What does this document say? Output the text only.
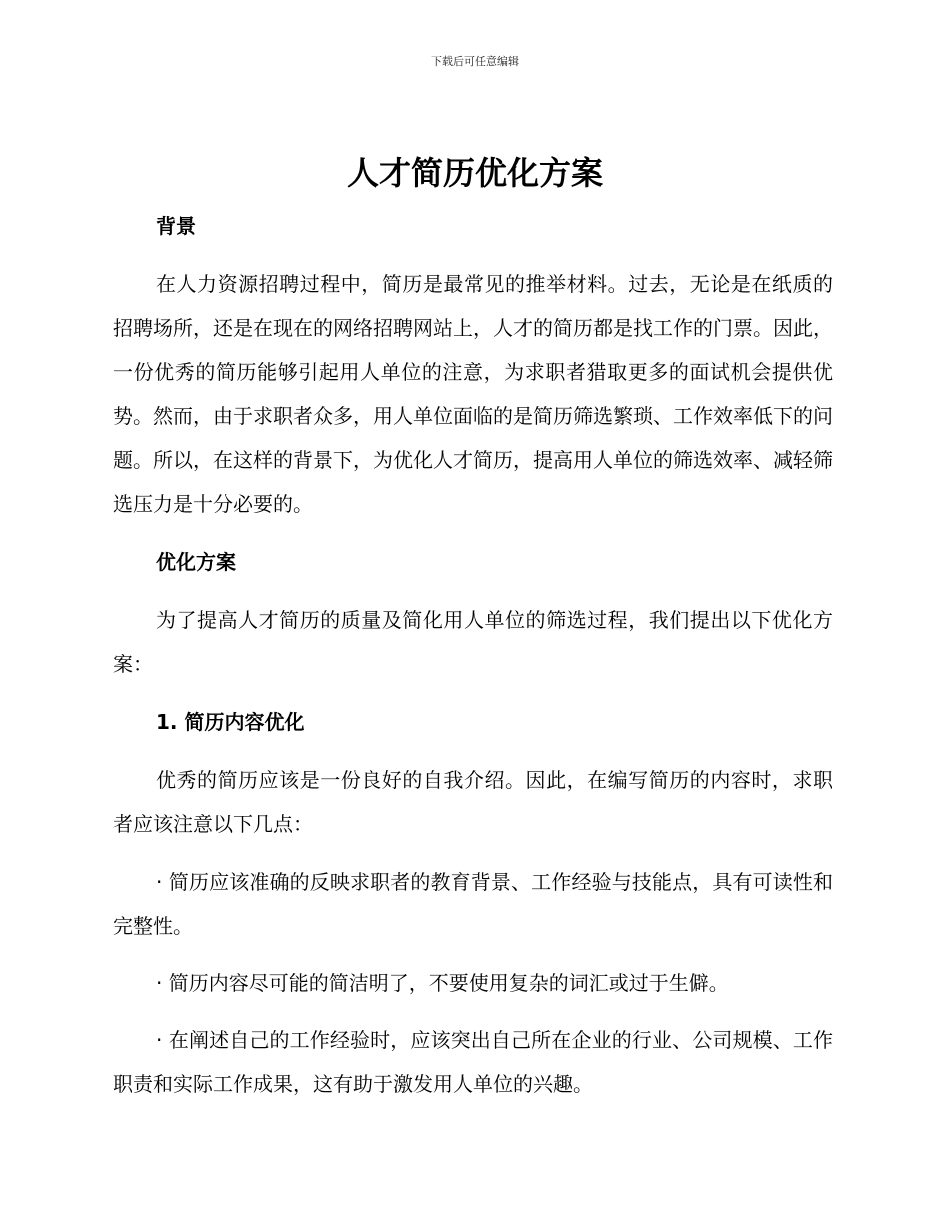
下载后可任意编辑
人才简历优化方案

背景

在人力资源招聘过程中，简历是最常见的推举材料。过去，无论是在纸质的招聘场所，还是在现在的网络招聘网站上，人才的简历都是找工作的门票。因此，一份优秀的简历能够引起用人单位的注意，为求职者猎取更多的面试机会提供优势。然而，由于求职者众多，用人单位面临的是简历筛选繁琐、工作效率低下的问题。所以，在这样的背景下，为优化人才简历，提高用人单位的筛选效率、减轻筛选压力是十分必要的。

优化方案

为了提高人才简历的质量及简化用人单位的筛选过程，我们提出以下优化方案：

1. 简历内容优化

优秀的简历应该是一份良好的自我介绍。因此，在编写简历的内容时，求职者应该注意以下几点：

· 简历应该准确的反映求职者的教育背景、工作经验与技能点，具有可读性和完整性。

· 简历内容尽可能的简洁明了，不要使用复杂的词汇或过于生僻。

· 在阐述自己的工作经验时，应该突出自己所在企业的行业、公司规模、工作职责和实际工作成果，这有助于激发用人单位的兴趣。
